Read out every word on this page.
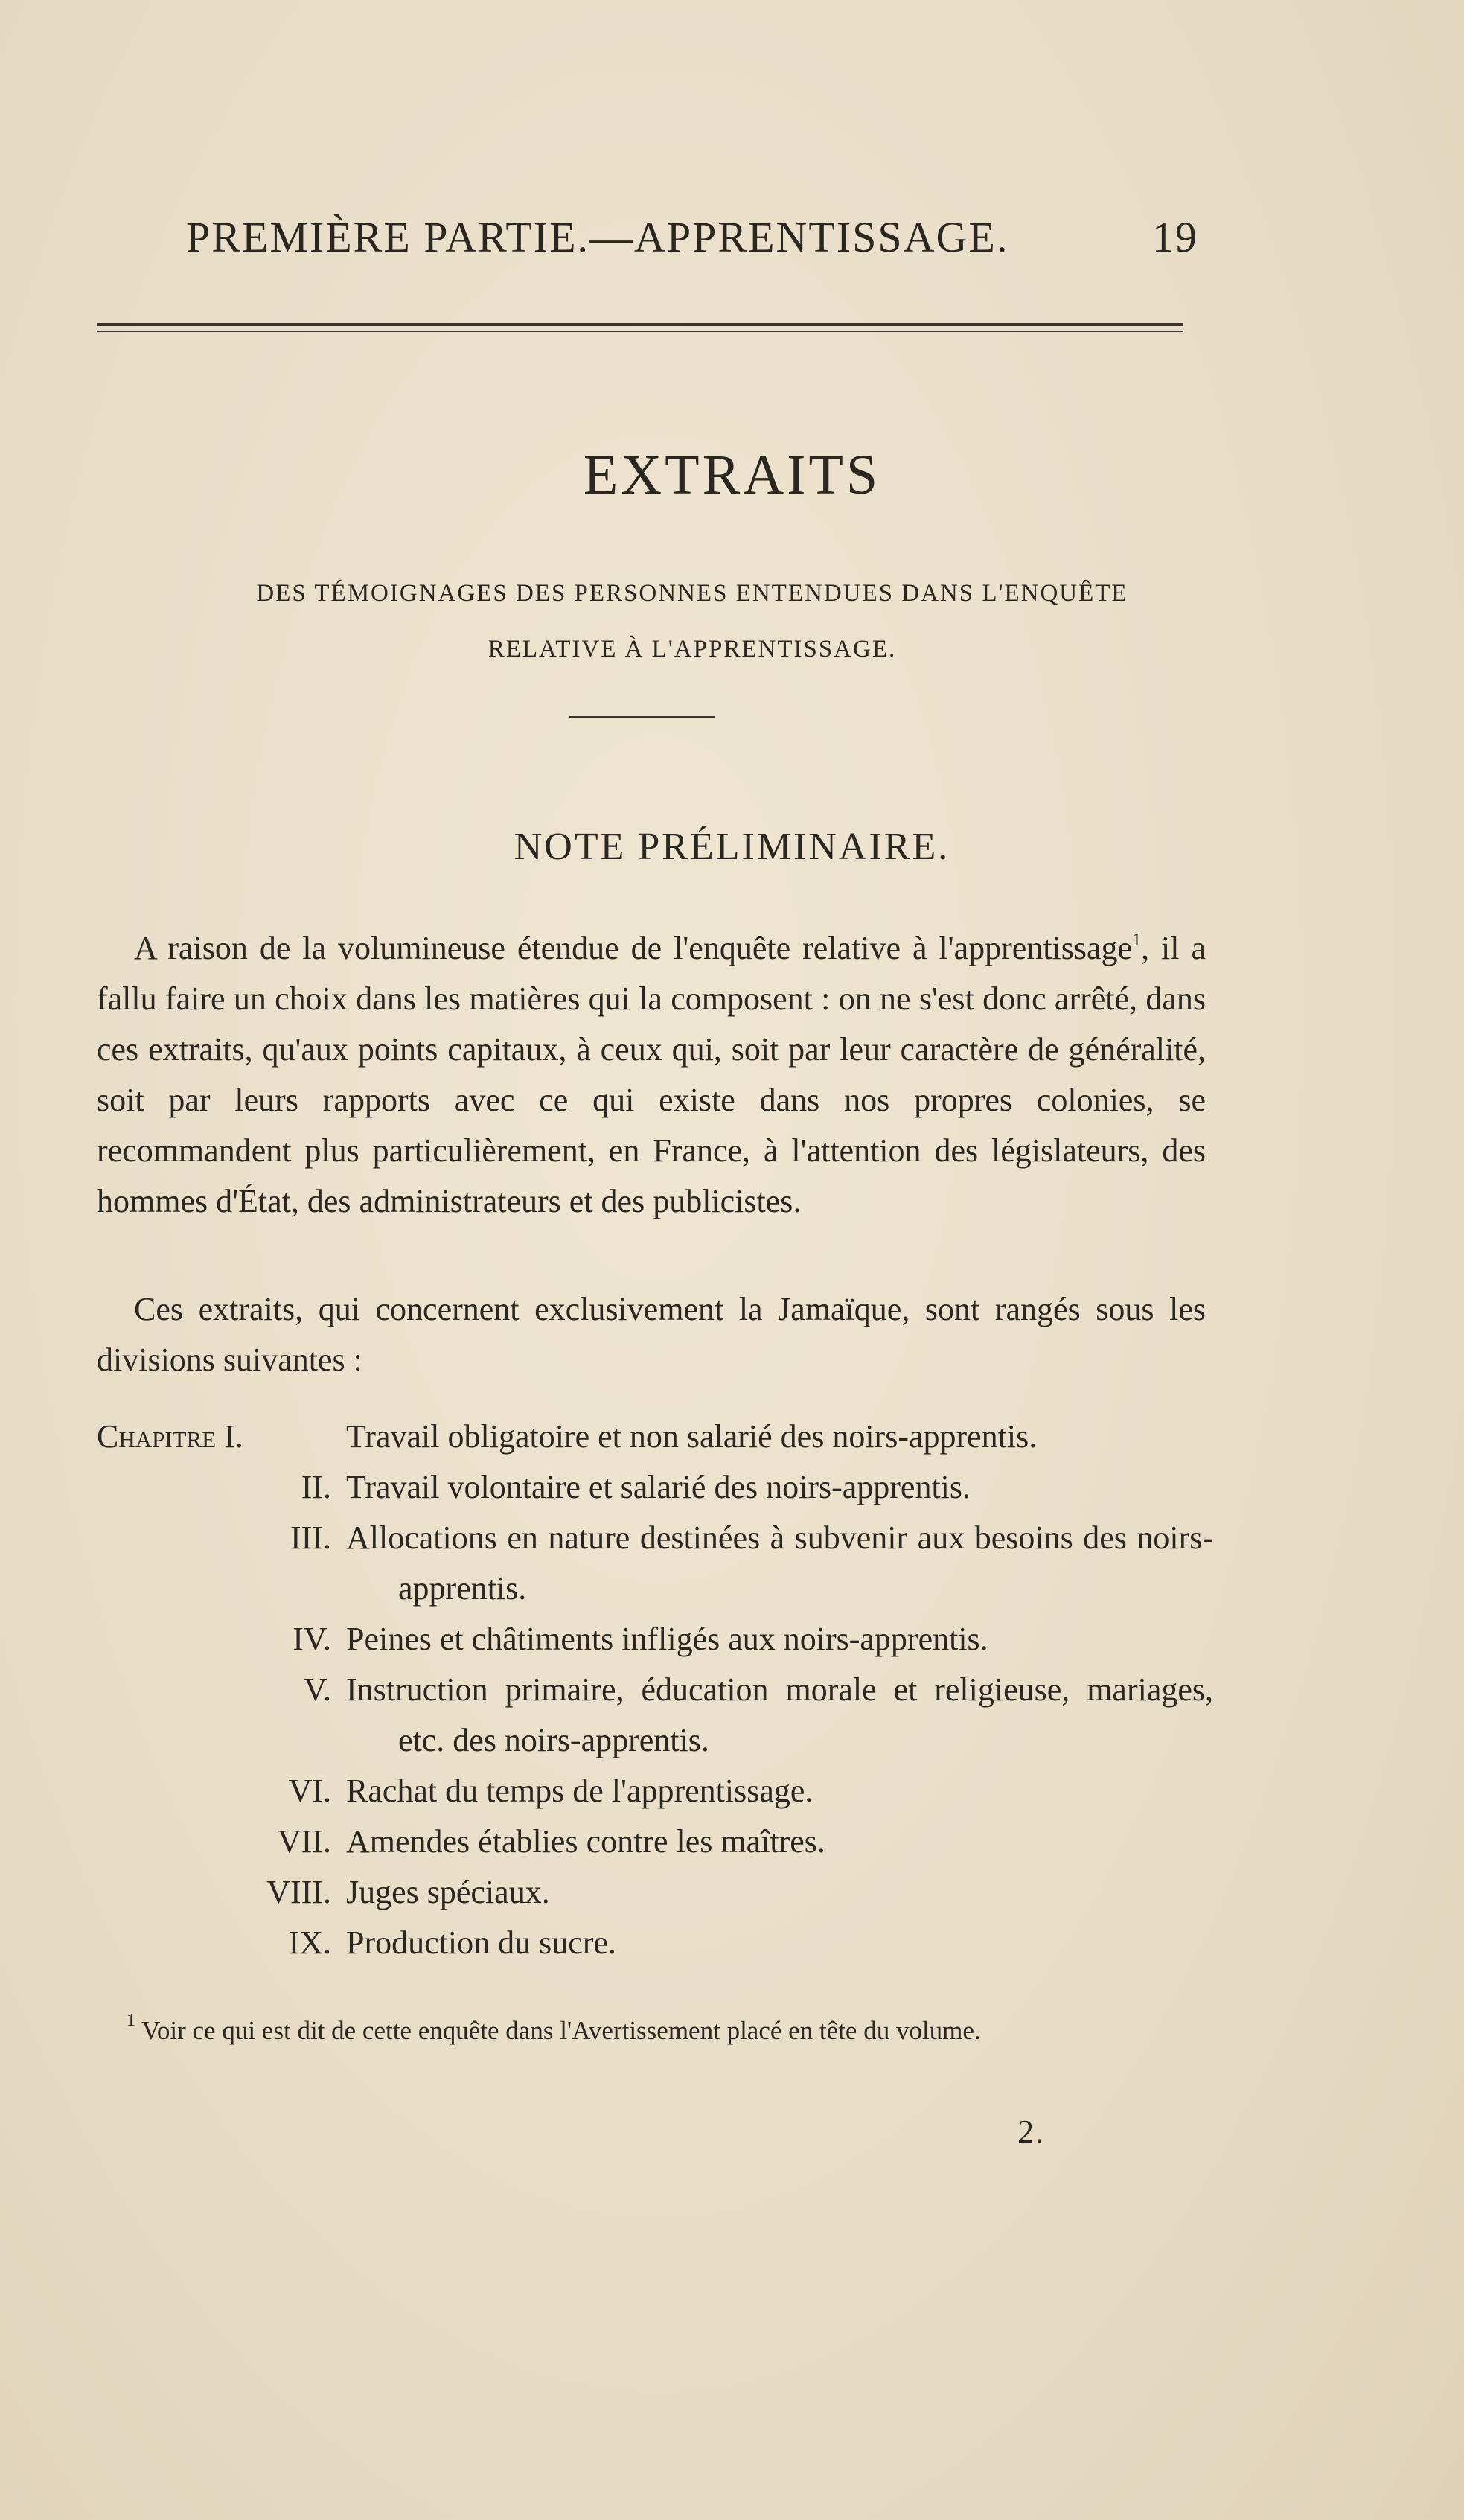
PREMIÈRE PARTIE.—APPRENTISSAGE.	19
EXTRAITS
DES TÉMOIGNAGES DES PERSONNES ENTENDUES DANS L'ENQUÊTE
RELATIVE À L'APPRENTISSAGE.
NOTE PRÉLIMINAIRE.
A raison de la volumineuse étendue de l'enquête relative à l'apprentissage$^1$, il a fallu faire un choix dans les matières qui la composent : on ne s'est donc arrêté, dans ces extraits, qu'aux points capitaux, à ceux qui, soit par leur caractère de généralité, soit par leurs rapports avec ce qui existe dans nos propres colonies, se recommandent plus particulièrement, en France, à l'attention des législateurs, des hommes d'État, des administrateurs et des publicistes.
Ces extraits, qui concernent exclusivement la Jamaïque, sont rangés sous les divisions suivantes :
Chapitre I.	Travail obligatoire et non salarié des noirs-apprentis.
II. Travail volontaire et salarié des noirs-apprentis.
III. Allocations en nature destinées à subvenir aux besoins des noirs-apprentis.
IV. Peines et châtiments infligés aux noirs-apprentis.
V. Instruction primaire, éducation morale et religieuse, mariages, etc. des noirs-apprentis.
VI. Rachat du temps de l'apprentissage.
VII. Amendes établies contre les maîtres.
VIII. Juges spéciaux.
IX. Production du sucre.
$^1$ Voir ce qui est dit de cette enquête dans l'Avertissement placé en tête du volume.
2.
